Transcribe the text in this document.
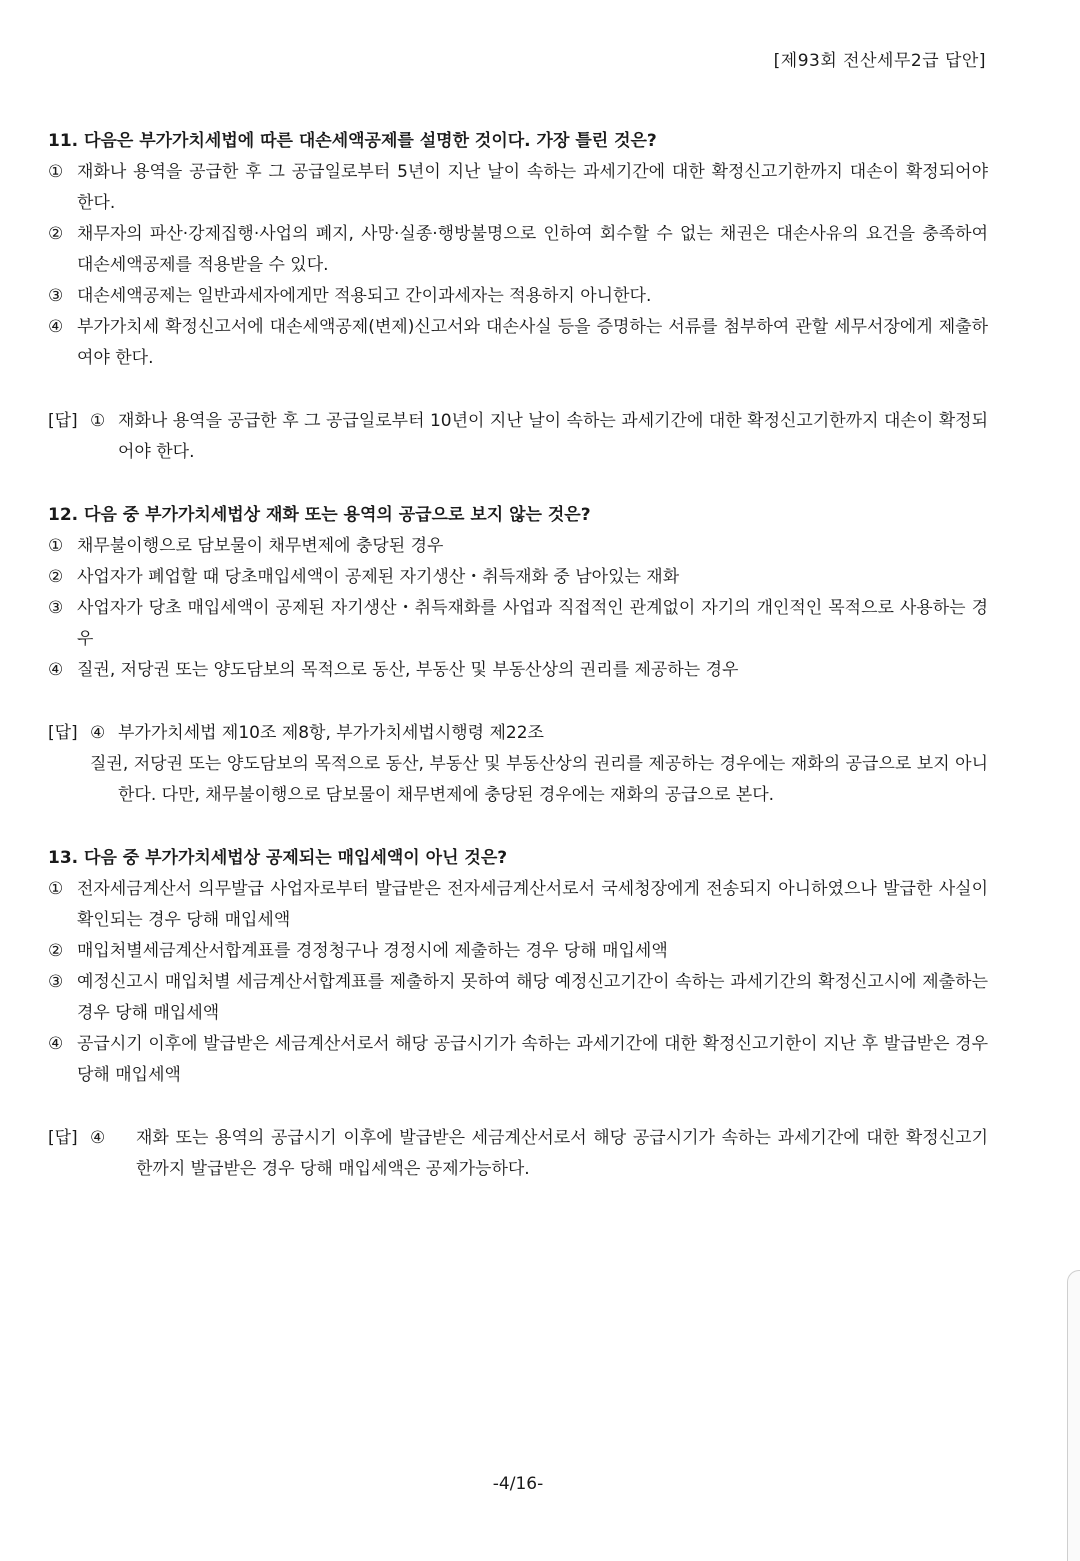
[제93회 전산세무2급 답안]

11. 다음은 부가가치세법에 따른 대손세액공제를 설명한 것이다. 가장 틀린 것은?

① 재화나 용역을 공급한 후 그 공급일로부터 5년이 지난 날이 속하는 과세기간에 대한 확정신고기한까지 대손이 확정되어야 한다.
② 채무자의 파산·강제집행·사업의 폐지, 사망·실종·행방불명으로 인하여 회수할 수 없는 채권은 대손사유의 요건을 충족하여 대손세액공제를 적용받을 수 있다.
③ 대손세액공제는 일반과세자에게만 적용되고 간이과세자는 적용하지 아니한다.
④ 부가가치세 확정신고서에 대손세액공제(변제)신고서와 대손사실 등을 증명하는 서류를 첨부하여 관할 세무서장에게 제출하여야 한다.
[답] ① 재화나 용역을 공급한 후 그 공급일로부터 10년이 지난 날이 속하는 과세기간에 대한 확정신고기한까지 대손이 확정되어야 한다.

12. 다음 중 부가가치세법상 재화 또는 용역의 공급으로 보지 않는 것은?

① 채무불이행으로 담보물이 채무변제에 충당된 경우
② 사업자가 폐업할 때 당초매입세액이 공제된 자기생산・취득재화 중 남아있는 재화
③ 사업자가 당초 매입세액이 공제된 자기생산・취득재화를 사업과 직접적인 관계없이 자기의 개인적인 목적으로 사용하는 경우
④ 질권, 저당권 또는 양도담보의 목적으로 동산, 부동산 및 부동산상의 권리를 제공하는 경우
[답] ④ 부가가치세법 제10조 제8항, 부가가치세법시행령 제22조
질권, 저당권 또는 양도담보의 목적으로 동산, 부동산 및 부동산상의 권리를 제공하는 경우에는 재화의 공급으로 보지 아니한다. 다만, 채무불이행으로 담보물이 채무변제에 충당된 경우에는 재화의 공급으로 본다.

13. 다음 중 부가가치세법상 공제되는 매입세액이 아닌 것은?

① 전자세금계산서 의무발급 사업자로부터 발급받은 전자세금계산서로서 국세청장에게 전송되지 아니하였으나 발급한 사실이 확인되는 경우 당해 매입세액
② 매입처별세금계산서합계표를 경정청구나 경정시에 제출하는 경우 당해 매입세액
③ 예정신고시 매입처별 세금계산서합계표를 제출하지 못하여 해당 예정신고기간이 속하는 과세기간의 확정신고시에 제출하는 경우 당해 매입세액
④ 공급시기 이후에 발급받은 세금계산서로서 해당 공급시기가 속하는 과세기간에 대한 확정신고기한이 지난 후 발급받은 경우 당해 매입세액
[답] ④ 재화 또는 용역의 공급시기 이후에 발급받은 세금계산서로서 해당 공급시기가 속하는 과세기간에 대한 확정신고기한까지 발급받은 경우 당해 매입세액은 공제가능하다.
-4/16-
